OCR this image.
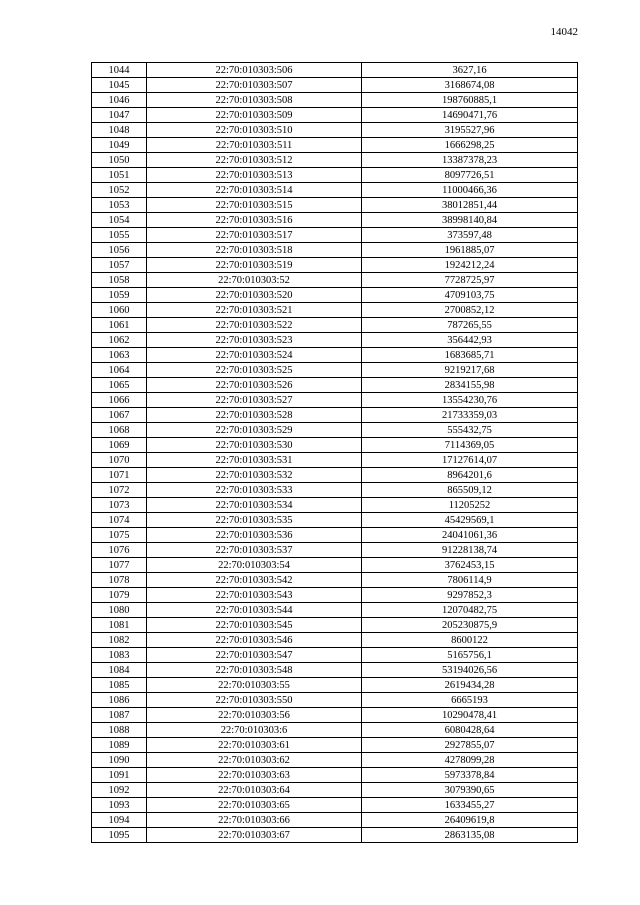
14042
1044	22:70:010303:506	3627,16
1045	22:70:010303:507	3168674,08
1046	22:70:010303:508	198760885,1
1047	22:70:010303:509	14690471,76
1048	22:70:010303:510	3195527,96
1049	22:70:010303:511	1666298,25
1050	22:70:010303:512	13387378,23
1051	22:70:010303:513	8097726,51
1052	22:70:010303:514	11000466,36
1053	22:70:010303:515	38012851,44
1054	22:70:010303:516	38998140,84
1055	22:70:010303:517	373597,48
1056	22:70:010303:518	1961885,07
1057	22:70:010303:519	1924212,24
1058	22:70:010303:52	7728725,97
1059	22:70:010303:520	4709103,75
1060	22:70:010303:521	2700852,12
1061	22:70:010303:522	787265,55
1062	22:70:010303:523	356442,93
1063	22:70:010303:524	1683685,71
1064	22:70:010303:525	9219217,68
1065	22:70:010303:526	2834155,98
1066	22:70:010303:527	13554230,76
1067	22:70:010303:528	21733359,03
1068	22:70:010303:529	555432,75
1069	22:70:010303:530	7114369,05
1070	22:70:010303:531	17127614,07
1071	22:70:010303:532	8964201,6
1072	22:70:010303:533	865509,12
1073	22:70:010303:534	11205252
1074	22:70:010303:535	45429569,1
1075	22:70:010303:536	24041061,36
1076	22:70:010303:537	91228138,74
1077	22:70:010303:54	3762453,15
1078	22:70:010303:542	7806114,9
1079	22:70:010303:543	9297852,3
1080	22:70:010303:544	12070482,75
1081	22:70:010303:545	205230875,9
1082	22:70:010303:546	8600122
1083	22:70:010303:547	5165756,1
1084	22:70:010303:548	53194026,56
1085	22:70:010303:55	2619434,28
1086	22:70:010303:550	6665193
1087	22:70:010303:56	10290478,41
1088	22:70:010303:6	6080428,64
1089	22:70:010303:61	2927855,07
1090	22:70:010303:62	4278099,28
1091	22:70:010303:63	5973378,84
1092	22:70:010303:64	3079390,65
1093	22:70:010303:65	1633455,27
1094	22:70:010303:66	26409619,8
1095	22:70:010303:67	2863135,08
